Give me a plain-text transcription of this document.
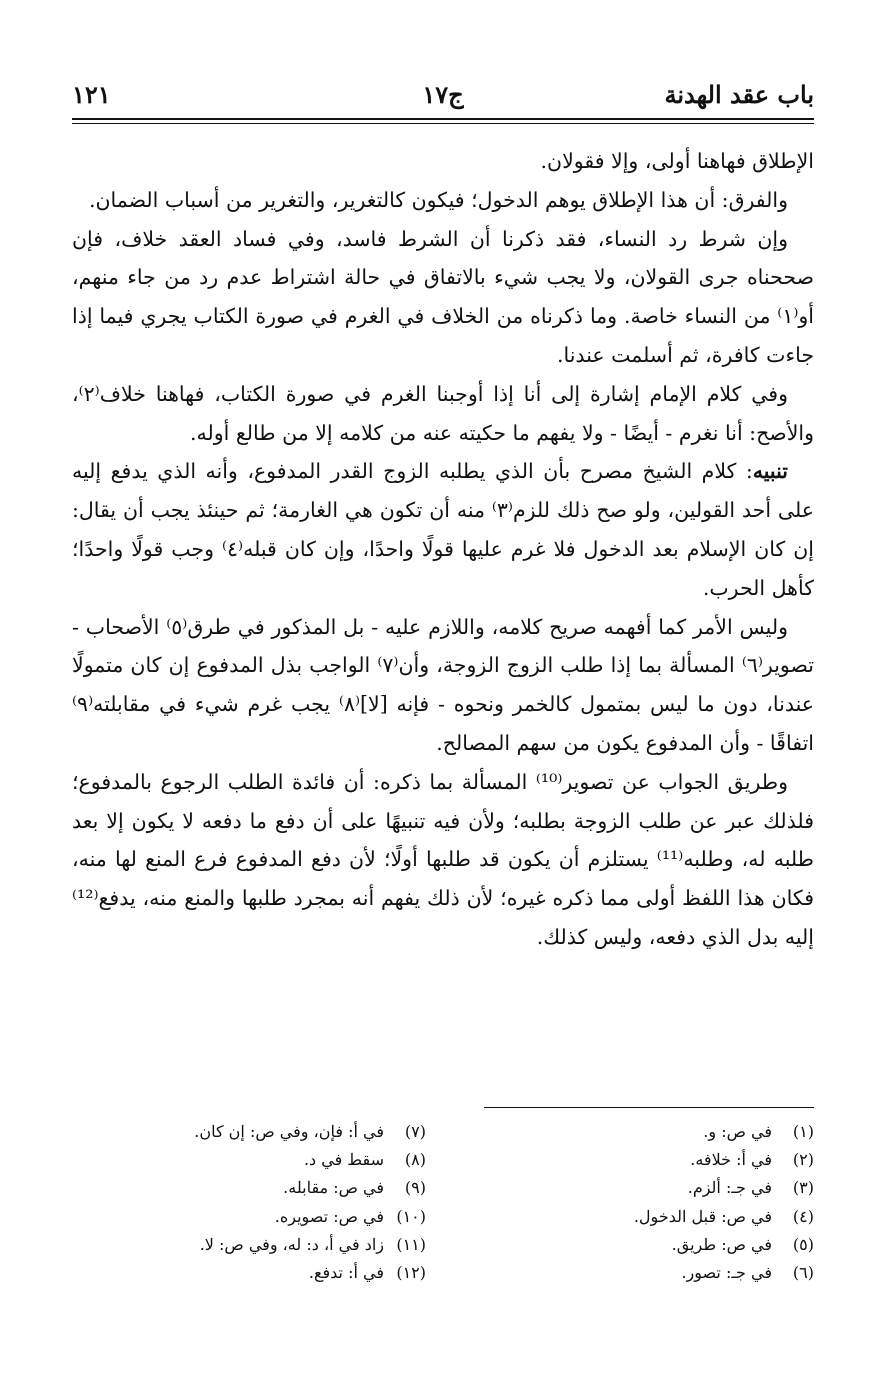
باب عقد الهدنة
ج١٧
١٢١

الإطلاق فهاهنا أولى، وإلا فقولان.

والفرق: أن هذا الإطلاق يوهم الدخول؛ فيكون كالتغرير، والتغرير من أسباب الضمان.

وإن شرط رد النساء، فقد ذكرنا أن الشرط فاسد، وفي فساد العقد خلاف، فإن صححناه جرى القولان، ولا يجب شيء بالاتفاق في حالة اشتراط عدم رد من جاء منهم، أو⁽١⁾ من النساء خاصة. وما ذكرناه من الخلاف في الغرم في صورة الكتاب يجري فيما إذا جاءت كافرة، ثم أسلمت عندنا.

وفي كلام الإمام إشارة إلى أنا إذا أوجبنا الغرم في صورة الكتاب، فهاهنا خلاف⁽٢⁾، والأصح: أنا نغرم - أيضًا - ولا يفهم ما حكيته عنه من كلامه إلا من طالع أوله.

تنبيه: كلام الشيخ مصرح بأن الذي يطلبه الزوج القدر المدفوع، وأنه الذي يدفع إليه على أحد القولين، ولو صح ذلك للزم⁽٣⁾ منه أن تكون هي الغارمة؛ ثم حينئذ يجب أن يقال: إن كان الإسلام بعد الدخول فلا غرم عليها قولًا واحدًا، وإن كان قبله⁽٤⁾ وجب قولًا واحدًا؛ كأهل الحرب.

وليس الأمر كما أفهمه صريح كلامه، واللازم عليه - بل المذكور في طرق⁽٥⁾ الأصحاب - تصوير⁽٦⁾ المسألة بما إذا طلب الزوج الزوجة، وأن⁽٧⁾ الواجب بذل المدفوع إن كان متمولًا عندنا، دون ما ليس بمتمول كالخمر ونحوه - فإنه [لا]⁽٨⁾ يجب غرم شيء في مقابلته⁽٩⁾ اتفاقًا - وأن المدفوع يكون من سهم المصالح.

وطريق الجواب عن تصوير⁽¹⁰⁾ المسألة بما ذكره: أن فائدة الطلب الرجوع بالمدفوع؛ فلذلك عبر عن طلب الزوجة بطلبه؛ ولأن فيه تنبيهًا على أن دفع ما دفعه لا يكون إلا بعد طلبه له، وطلبه⁽¹¹⁾ يستلزم أن يكون قد طلبها أولًا؛ لأن دفع المدفوع فرع المنع لها منه، فكان هذا اللفظ أولى مما ذكره غيره؛ لأن ذلك يفهم أنه بمجرد طلبها والمنع منه، يدفع⁽¹²⁾ إليه بدل الذي دفعه، وليس كذلك.

(١)في ص: و.
(٢)في أ: خلافه.
(٣)في جـ: ألزم.
(٤)في ص: قبل الدخول.
(٥)في ص: طريق.
(٦)في جـ: تصور.
(٧)في أ: فإن، وفي ص: إن كان.
(٨)سقط في د.
(٩)في ص: مقابله.
(١٠)في ص: تصويره.
(١١)زاد في أ، د: له، وفي ص: لا.
(١٢)في أ: تدفع.
